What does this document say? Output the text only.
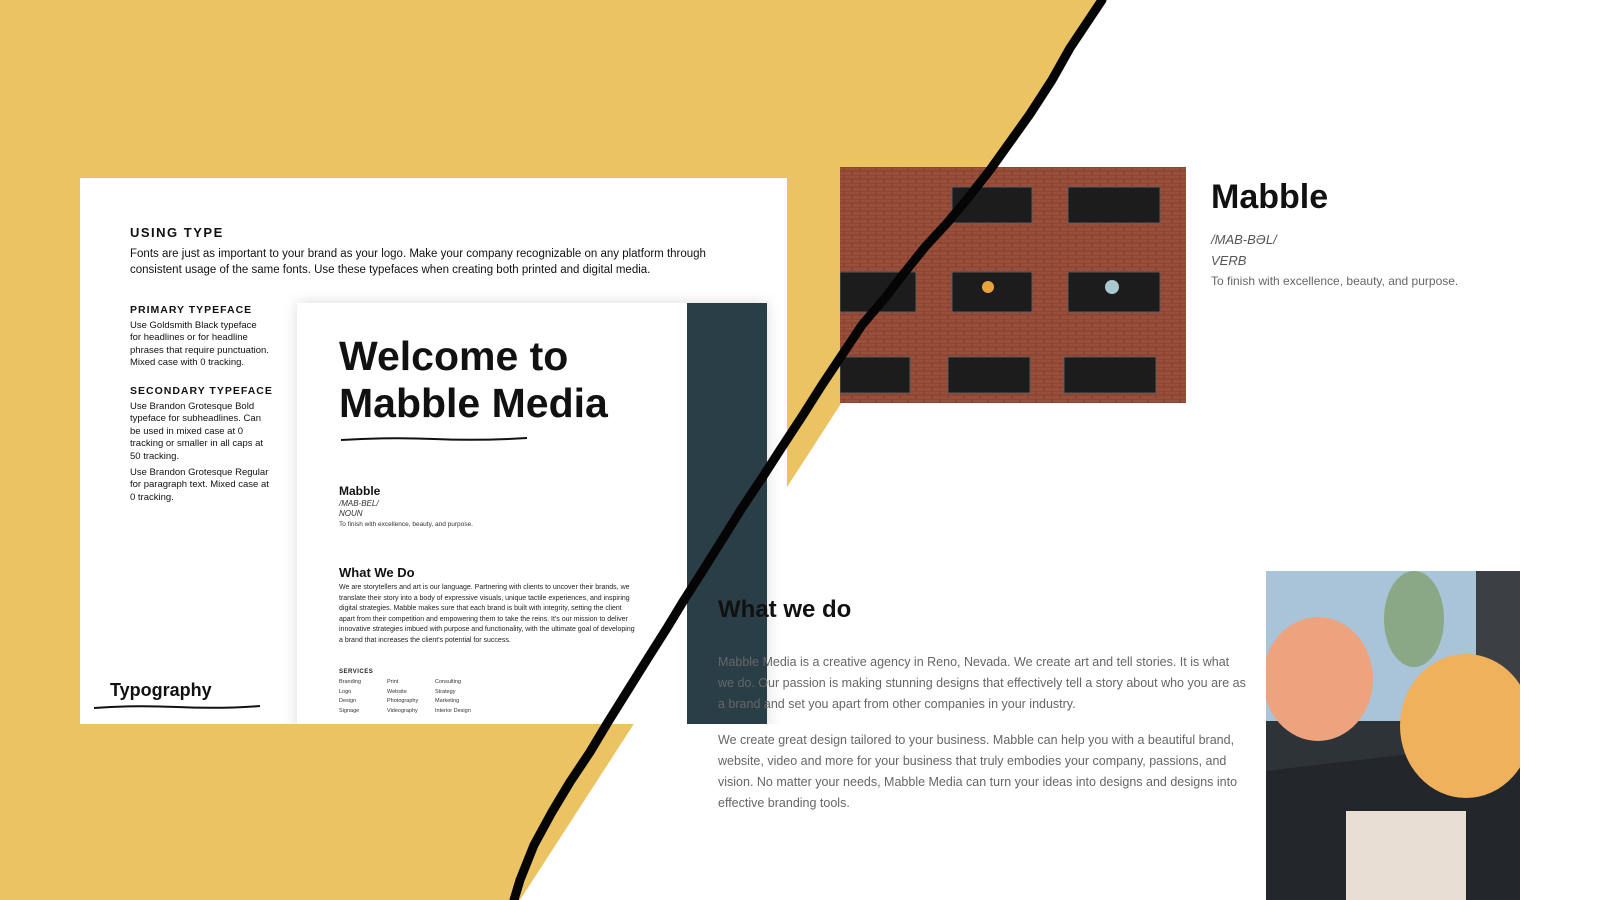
USING TYPE

Fonts are just as important to your brand as your logo. Make your company recognizable on any platform through consistent usage of the same fonts. Use these typefaces when creating both printed and digital media.

PRIMARY TYPEFACE

Use Goldsmith Black typeface for headlines or for headline phrases that require punctuation. Mixed case with 0 tracking.

SECONDARY TYPEFACE

Use Brandon Grotesque Bold typeface for subheadlines. Can be used in mixed case at 0 tracking or smaller in all caps at 50 tracking.

Use Brandon Grotesque Regular for paragraph text. Mixed case at 0 tracking.

Typography

Welcome to Mabble Media

Mabble

/MAB-BEL/

NOUN

To finish with excellence, beauty, and purpose.

What We Do

We are storytellers and art is our language. Partnering with clients to uncover their brands, we translate their story into a body of expressive visuals, unique tactile experiences, and inspiring digital strategies. Mabble makes sure that each brand is built with integrity, setting the client apart from their competition and empowering them to take the reins. It's our mission to deliver innovative strategies imbued with purpose and functionality, with the ultimate goal of developing a brand that increases the client's potential for success.

SERVICES

Branding
Logo
Design
Signage
Print
Website
Photography
Videography
Consulting
Strategy
Marketing
Interior Design

Mabble

/MAB-BƏL/

VERB

To finish with excellence, beauty, and purpose.

What we do

Mabble Media is a creative agency in Reno, Nevada. We create art and tell stories. It is what we do. Our passion is making stunning designs that effectively tell a story about who you are as a brand and set you apart from other companies in your industry.

We create great design tailored to your business. Mabble can help you with a beautiful brand, website, video and more for your business that truly embodies your company, passions, and vision. No matter your needs, Mabble Media can turn your ideas into designs and designs into effective branding tools.
